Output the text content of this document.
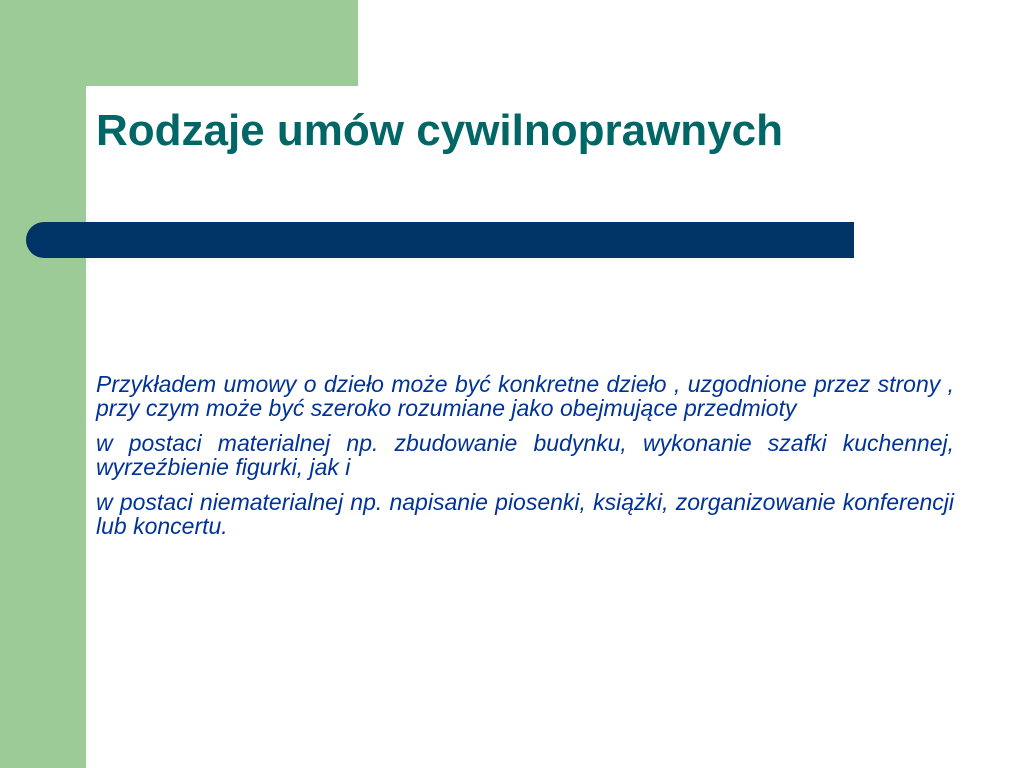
Rodzaje umów cywilnoprawnych

Przykładem umowy o dzieło może być konkretne dzieło , uzgodnione przez strony , przy czym może być szeroko rozumiane jako obejmujące przedmioty

w postaci materialnej np. zbudowanie budynku, wykonanie szafki kuchennej, wyrzeźbienie figurki, jak i

w postaci niematerialnej np. napisanie piosenki, książki, zorganizowanie konferencji lub koncertu.
